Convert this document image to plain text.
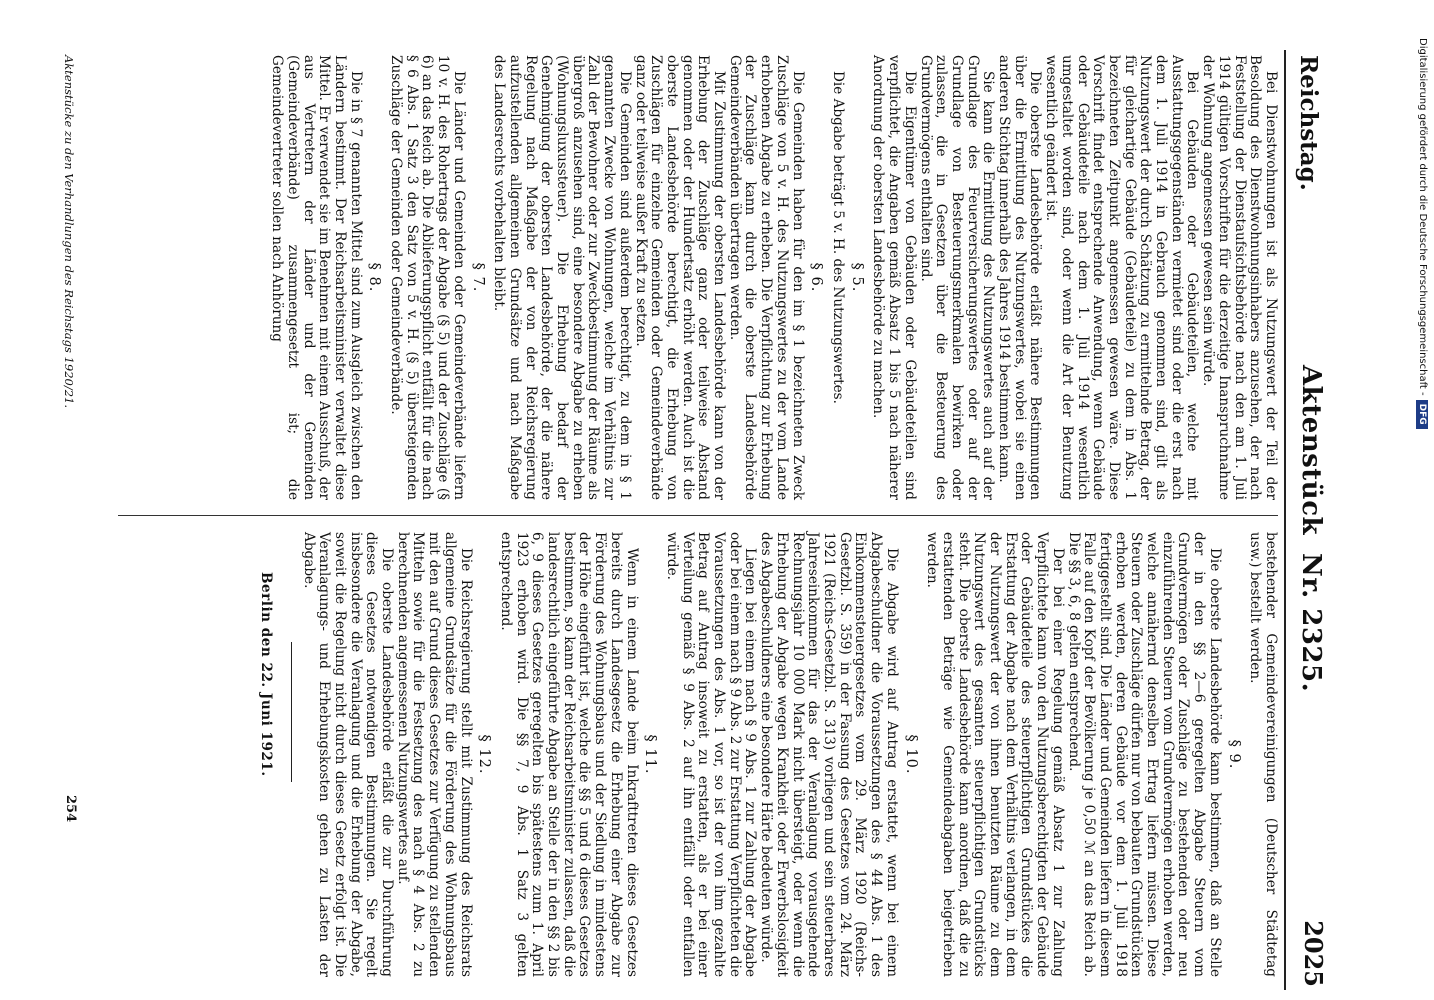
Reichstag.
AktenstückNr. 2325.
2025

Bei Dienstwohnungen ist als Nutzungswert der Teil der Besoldung des Dienstwohnungsinhabers anzusehen, der nach Feststellung der Dienstaufsichtsbehörde nach den am 1. Juli 1914 gültigen Vorschriften für die derzeitige Inanspruchnahme der Wohnung angemessen gewesen sein würde.

Bei Gebäuden oder Gebäudeteilen, welche mit Ausstattungsgegenständen vermietet sind oder die erst nach dem 1. Juli 1914 in Gebrauch genommen sind, gilt als Nutzungswert der durch Schätzung zu ermittelnde Betrag, der für gleichartige Gebäude (Gebäudeteile) zu dem in Abs. 1 bezeichneten Zeitpunkt angemessen gewesen wäre. Diese Vorschrift findet entsprechende Anwendung, wenn Gebäude oder Gebäudeteile nach dem 1. Juli 1914 wesentlich umgestaltet worden sind, oder wenn die Art der Benutzung wesentlich geändert ist.

Die oberste Landesbehörde erläßt nähere Bestimmungen über die Ermittlung des Nutzungswertes, wobei sie einen anderen Stichtag innerhalb des Jahres 1914 bestimmen kann.

Sie kann die Ermittlung des Nutzungswertes auch auf der Grundlage des Feuerversicherungswertes oder auf der Grundlage von Besteuerungsmerkmalen bewirken oder zulassen, die in Gesetzen über die Besteuerung des Grundvermögens enthalten sind.

Die Eigentümer von Gebäuden oder Gebäudeteilen sind verpflichtet, die Angaben gemäß Absatz 1 bis 5 nach näherer Anordnung der obersten Landesbehörde zu machen.

§ 5.

Die Abgabe beträgt 5 v. H. des Nutzungswertes.

§ 6.

Die Gemeinden haben für den im § 1 bezeichneten Zweck Zuschläge von 5 v. H. des Nutzungswertes zu der vom Lande erhobenen Abgabe zu erheben. Die Verpflichtung zur Erhebung der Zuschläge kann durch die oberste Landesbehörde Gemeindeverbänden übertragen werden.

Mit Zustimmung der obersten Landesbehörde kann von der Erhebung der Zuschläge ganz oder teilweise Abstand genommen oder der Hundertsatz erhöht werden. Auch ist die oberste Landesbehörde berechtigt, die Erhebung von Zuschlägen für einzelne Gemeinden oder Gemeindeverbände ganz oder teilweise außer Kraft zu setzen.

Die Gemeinden sind außerdem berechtigt, zu dem in § 1 genannten Zwecke von Wohnungen, welche im Verhältnis zur Zahl der Bewohner oder zur Zweckbestimmung der Räume als übergroß anzusehen sind, eine besondere Abgabe zu erheben (Wohnungsluxussteuer). Die Erhebung bedarf der Genehmigung der obersten Landesbehörde, der die nähere Regelung nach Maßgabe der von der Reichsregierung aufzustellenden allgemeinen Grundsätze und nach Maßgabe des Landesrechts vorbehalten bleibt.

§ 7.

Die Länder und Gemeinden oder Gemeindeverbände liefern 10 v. H. des Rohertrags der Abgabe (§ 5) und der Zuschläge (§ 6) an das Reich ab. Die Ablieferungspflicht entfällt für die nach § 6 Abs. 1 Satz 3 den Satz von 5 v. H. (§ 5) übersteigenden Zuschläge der Gemeinden oder Gemeindeverbände.

§ 8.

Die in § 7 genannten Mittel sind zum Ausgleich zwischen den Ländern bestimmt. Der Reichsarbeitsminister verwaltet diese Mittel. Er verwendet sie im Benehmen mit einem Ausschuß, der aus Vertretern der Länder und der Gemeinden (Gemeindeverbände) zusammengesetzt ist; die Gemeindevertreter sollen nach Anhörung

bestehender Gemeindevereinigungen (Deutscher Städtetag usw.) bestellt werden.

§ 9.

Die oberste Landesbehörde kann bestimmen, daß an Stelle der in den §§ 2—6 geregelten Abgabe Steuern vom Grundvermögen oder Zuschläge zu bestehenden oder neu einzuführenden Steuern vom Grundvermögen erhoben werden, welche annähernd denselben Ertrag liefern müssen. Diese Steuern oder Zuschläge dürfen nur von bebauten Grundstücken erhoben werden, deren Gebäude vor dem 1. Juli 1918 fertiggestellt sind. Die Länder und Gemeinden liefern in diesem Falle auf den Kopf der Bevölkerung je 0,50 ℳ an das Reich ab. Die §§ 3, 6, 8 gelten entsprechend.

Der bei einer Regelung gemäß Absatz 1 zur Zahlung Verpflichtete kann von den Nutzungsberechtigten der Gebäude oder Gebäudeteile des steuerpflichtigen Grundstückes die Erstattung der Abgabe nach dem Verhältnis verlangen, in dem der Nutzungswert der von ihnen benutzten Räume zu dem Nutzungswert des gesamten steuerpflichtigen Grundstücks steht. Die oberste Landesbehörde kann anordnen, daß die zu erstattenden Beträge wie Gemeindeabgaben beigetrieben werden.

§ 10.

Die Abgabe wird auf Antrag erstattet, wenn bei einem Abgabeschuldner die Voraussetzungen des § 44 Abs. 1 des Einkommensteuergesetzes vom 29. März 1920 (Reichs-Gesetzbl. S. 359) in der Fassung des Gesetzes vom 24. März 1921 (Reichs-Gesetzbl. S. 313) vorliegen und sein steuerbares Jahreseinkommen für das der Veranlagung vorausgehende Rechnungsjahr 10 000 Mark nicht übersteigt, oder wenn die Erhebung der Abgabe wegen Krankheit oder Erwerbslosigkeit des Abgabeschuldners eine besondere Härte bedeuten würde.

Liegen bei einem nach § 9 Abs. 1 zur Zahlung der Abgabe oder bei einem nach § 9 Abs. 2 zur Erstattung Verpflichteten die Voraussetzungen des Abs. 1 vor, so ist der von ihm gezahlte Betrag auf Antrag insoweit zu erstatten, als er bei einer Verteilung gemäß § 9 Abs. 2 auf ihn entfällt oder entfallen würde.

§ 11.

Wenn in einem Lande beim Inkrafttreten dieses Gesetzes bereits durch Landesgesetz die Erhebung einer Abgabe zur Förderung des Wohnungsbaus und der Siedlung in mindestens der Höhe eingeführt ist, welche die §§ 5 und 6 dieses Gesetzes bestimmen, so kann der Reichsarbeitsminister zulassen, daß die landesrechtlich eingeführte Abgabe an Stelle der in den §§ 2 bis 6, 9 dieses Gesetzes geregelten bis spätestens zum 1. April 1923 erhoben wird. Die §§ 7, 9 Abs. 1 Satz 3 gelten entsprechend.

§ 12.

Die Reichsregierung stellt mit Zustimmung des Reichsrats allgemeine Grundsätze für die Förderung des Wohnungsbaus mit den auf Grund dieses Gesetzes zur Verfügung zu stellenden Mitteln sowie für die Festsetzung des nach § 4 Abs. 2 zu berechnenden angemessenen Nutzungswertes auf.

Die oberste Landesbehörde erläßt die zur Durchführung dieses Gesetzes notwendigen Bestimmungen. Sie regelt insbesondere die Veranlagung und die Erhebung der Abgabe, soweit die Regelung nicht durch dieses Gesetz erfolgt ist. Die Veranlagungs- und Erhebungskosten gehen zu Lasten der Abgabe.

Berlin den 22. Juni 1921.
Aktenstücke zu den Verhandlungen des Reichstags 1920/21.
254
Digitalisierung gefördert durch die Deutsche Forschungsgemeinschaft -DFG
